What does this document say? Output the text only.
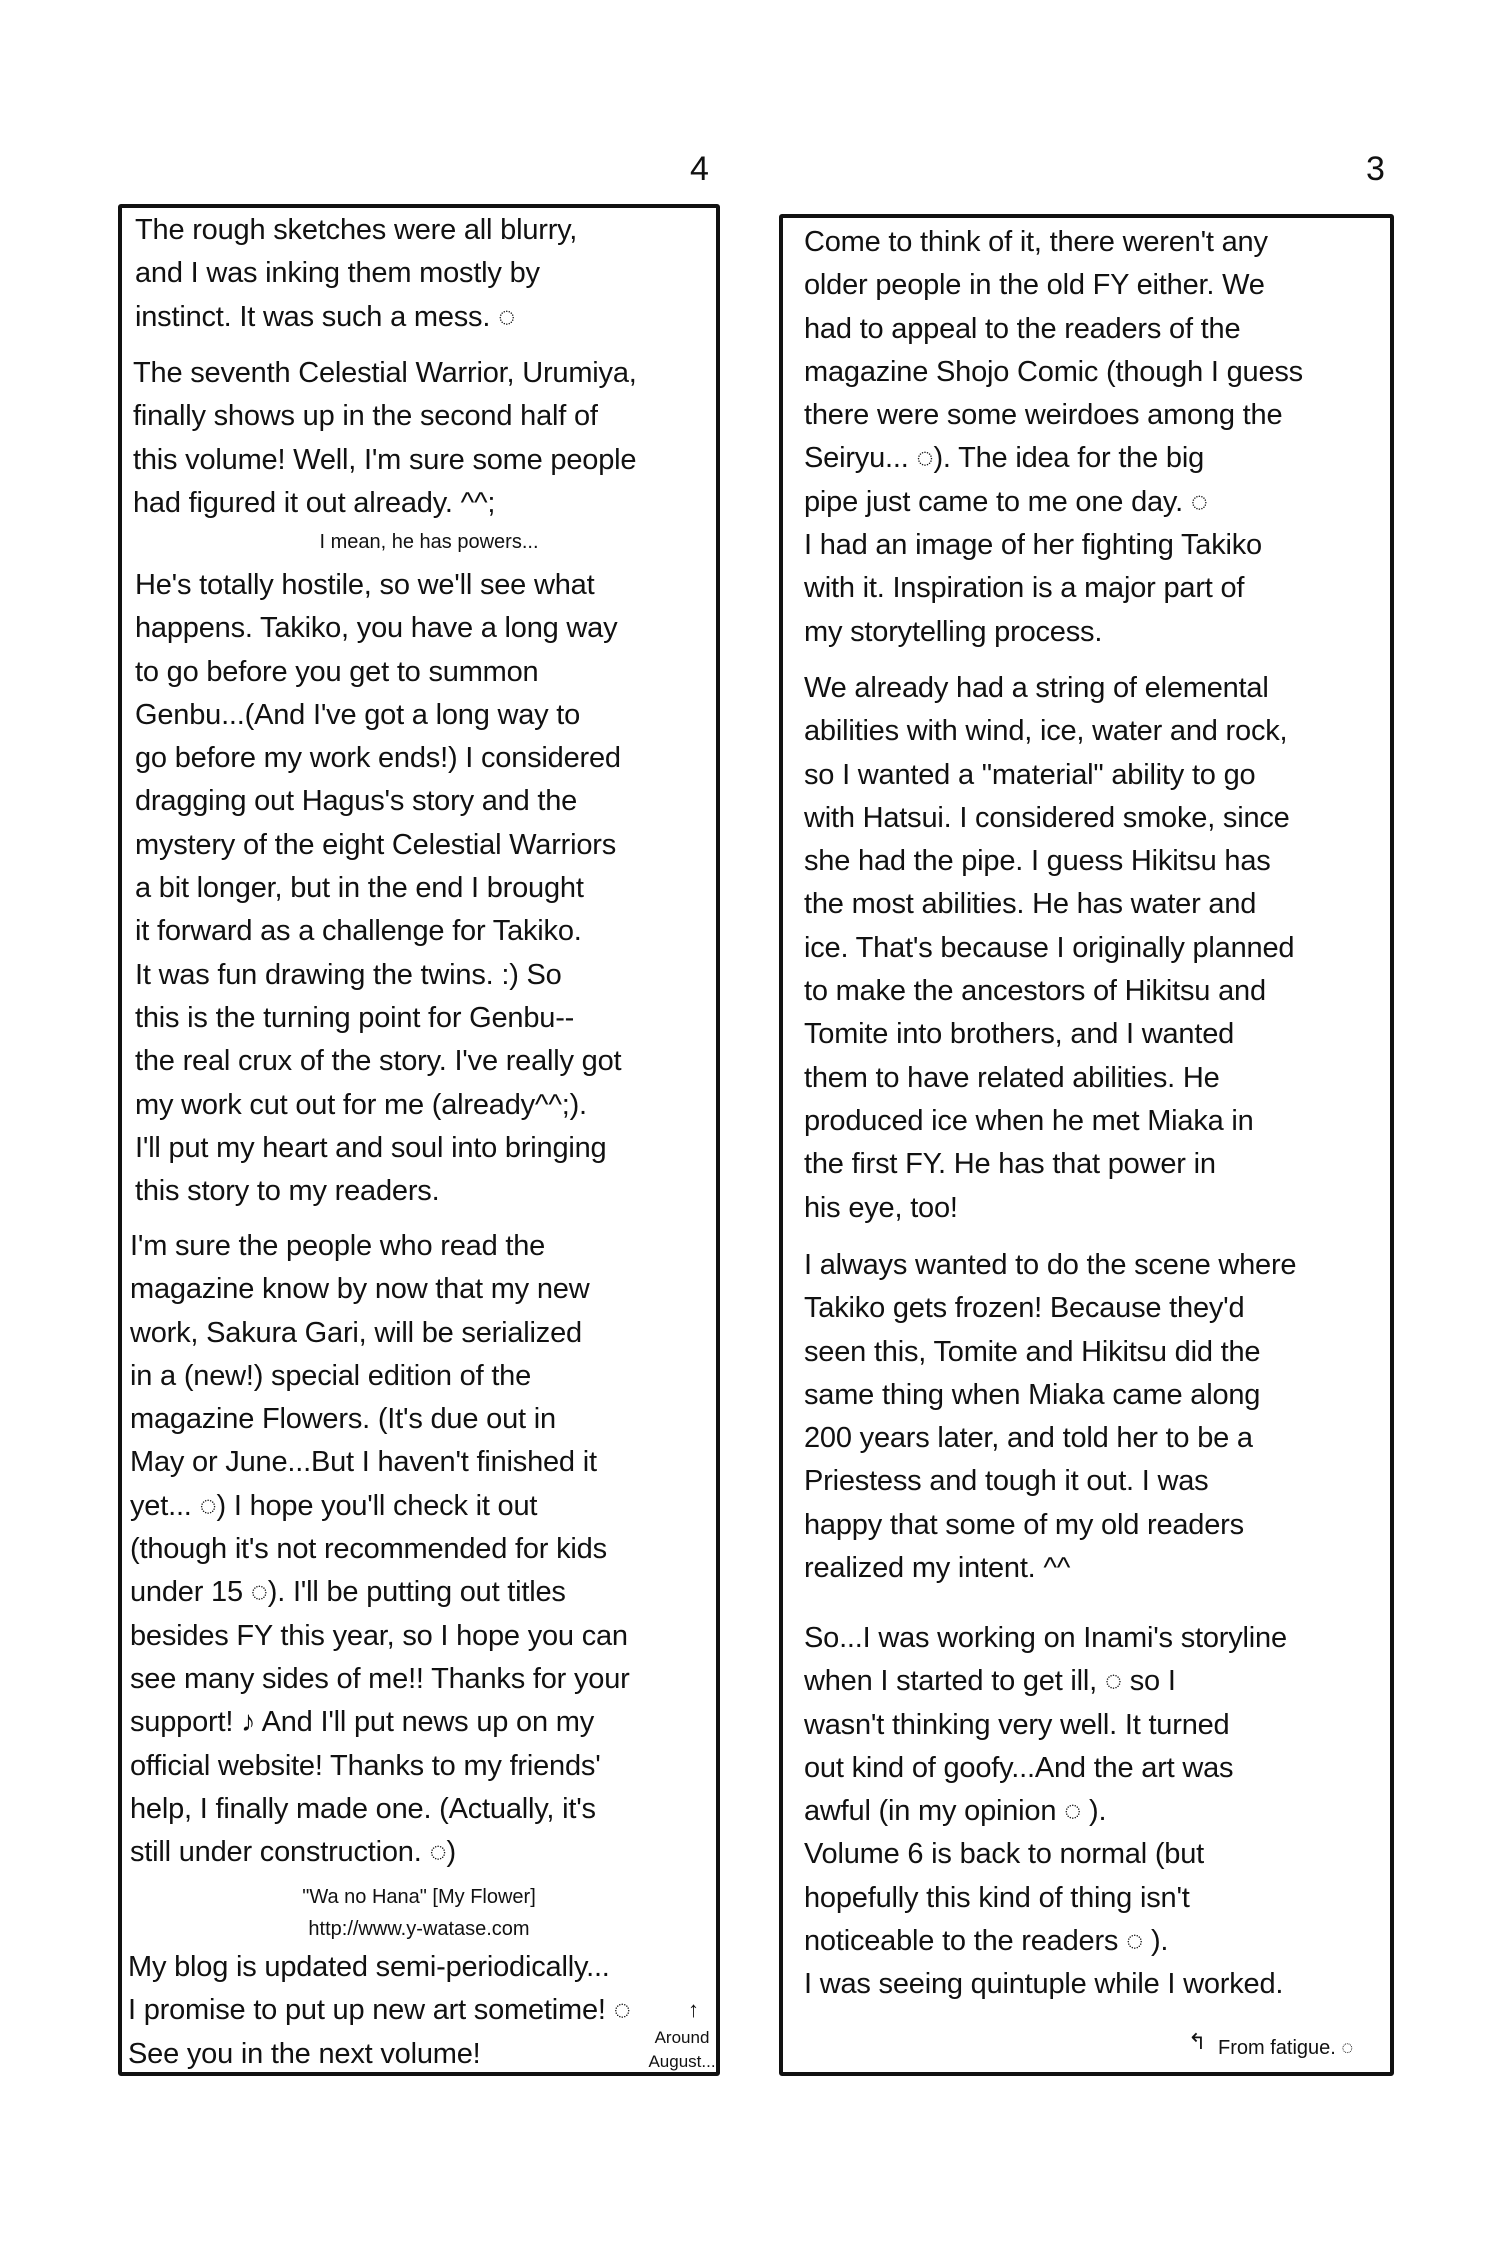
4	3
The rough sketches were all blurry,
and I was inking them mostly by
instinct. It was such a mess. ◌
The seventh Celestial Warrior, Urumiya,
finally shows up in the second half of
this volume! Well, I'm sure some people
had figured it out already. ^^;
I mean, he has powers...
He's totally hostile, so we'll see what
happens. Takiko, you have a long way
to go before you get to summon
Genbu...(And I've got a long way to
go before my work ends!) I considered
dragging out Hagus's story and the
mystery of the eight Celestial Warriors
a bit longer, but in the end I brought
it forward as a challenge for Takiko.
It was fun drawing the twins. :) So
this is the turning point for Genbu--
the real crux of the story. I've really got
my work cut out for me (already^^;).
I'll put my heart and soul into bringing
this story to my readers.
I'm sure the people who read the
magazine know by now that my new
work, Sakura Gari, will be serialized
in a (new!) special edition of the
magazine Flowers. (It's due out in
May or June...But I haven't finished it
yet... ◌) I hope you'll check it out
(though it's not recommended for kids
under 15 ◌). I'll be putting out titles
besides FY this year, so I hope you can
see many sides of me!! Thanks for your
support! ♪ And I'll put news up on my
official website! Thanks to my friends'
help, I finally made one. (Actually, it's
still under construction. ◌)
"Wa no Hana" [My Flower]
http://www.y-watase.com
My blog is updated semi-periodically...
I promise to put up new art sometime! ◌
See you in the next volume!
↑
Around
August...
Come to think of it, there weren't any
older people in the old FY either. We
had to appeal to the readers of the
magazine Shojo Comic (though I guess
there were some weirdoes among the
Seiryu... ◌). The idea for the big
pipe just came to me one day. ◌
I had an image of her fighting Takiko
with it. Inspiration is a major part of
my storytelling process.
We already had a string of elemental
abilities with wind, ice, water and rock,
so I wanted a "material" ability to go
with Hatsui. I considered smoke, since
she had the pipe. I guess Hikitsu has
the most abilities. He has water and
ice. That's because I originally planned
to make the ancestors of Hikitsu and
Tomite into brothers, and I wanted
them to have related abilities. He
produced ice when he met Miaka in
the first FY. He has that power in
his eye, too!
I always wanted to do the scene where
Takiko gets frozen! Because they'd
seen this, Tomite and Hikitsu did the
same thing when Miaka came along
200 years later, and told her to be a
Priestess and tough it out. I was
happy that some of my old readers
realized my intent. ^^
So...I was working on Inami's storyline
when I started to get ill, ◌ so I
wasn't thinking very well. It turned
out kind of goofy...And the art was
awful (in my opinion ◌ ).
Volume 6 is back to normal (but
hopefully this kind of thing isn't
noticeable to the readers ◌ ).
I was seeing quintuple while I worked.
↰ From fatigue. ◌
